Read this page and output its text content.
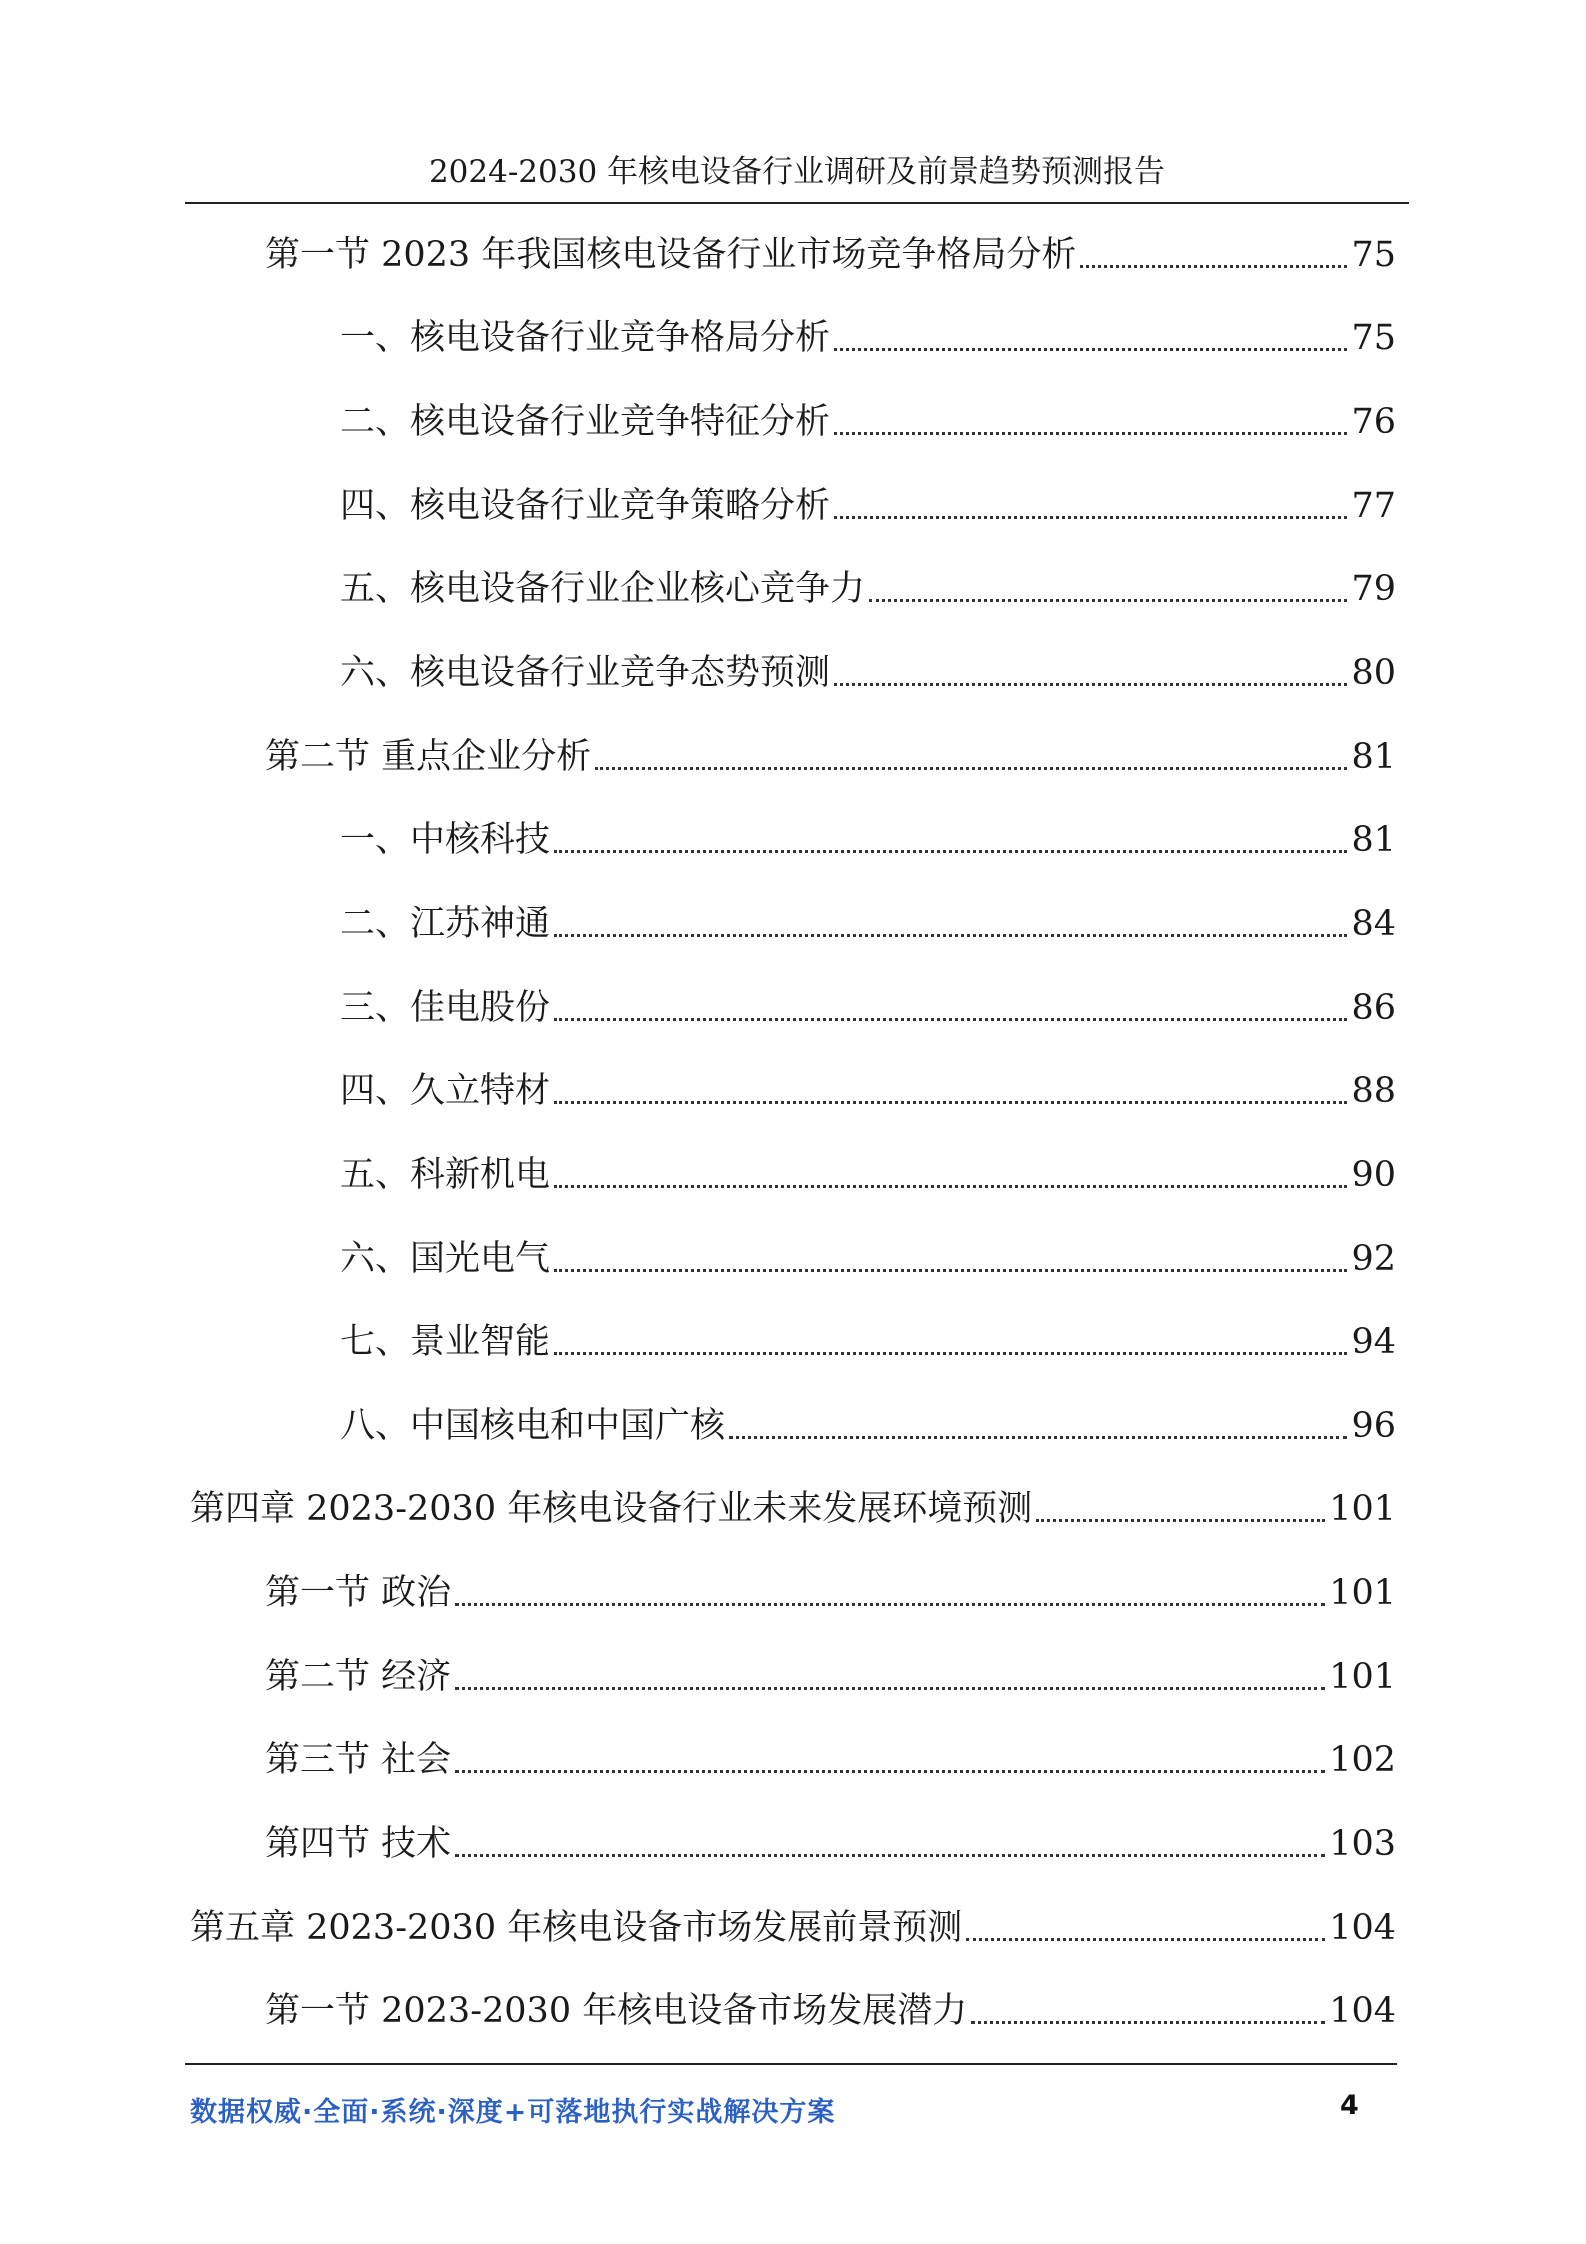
2024-2030 年核电设备行业调研及前景趋势预测报告
第一节 2023 年我国核电设备行业市场竞争格局分析	75
一、核电设备行业竞争格局分析	75
二、核电设备行业竞争特征分析	76
四、核电设备行业竞争策略分析	77
五、核电设备行业企业核心竞争力	79
六、核电设备行业竞争态势预测	80
第二节 重点企业分析	81
一、中核科技	81
二、江苏神通	84
三、佳电股份	86
四、久立特材	88
五、科新机电	90
六、国光电气	92
七、景业智能	94
八、中国核电和中国广核	96
第四章 2023-2030 年核电设备行业未来发展环境预测	101
第一节 政治	101
第二节 经济	101
第三节 社会	102
第四节 技术	103
第五章 2023-2030 年核电设备市场发展前景预测	104
第一节 2023-2030 年核电设备市场发展潜力	104
数据权威·全面·系统·深度+可落地执行实战解决方案	4
